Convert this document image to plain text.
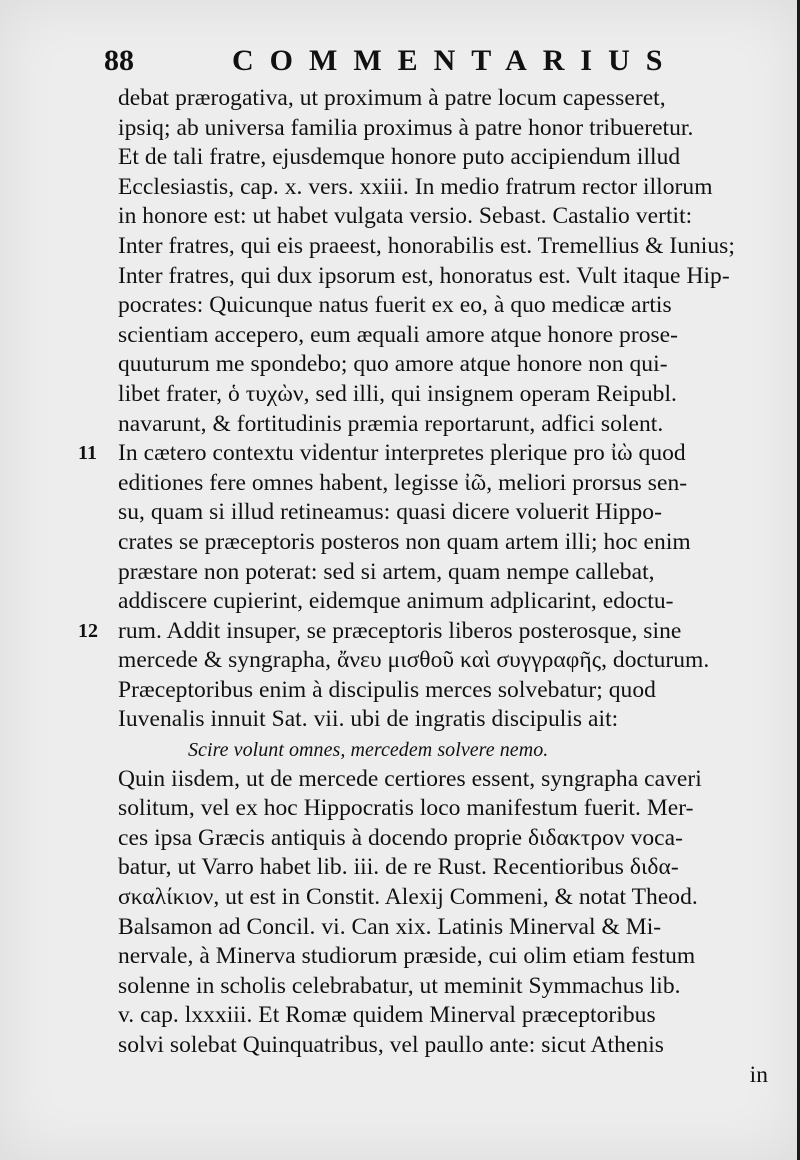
88	COMMENTARIUS
debat prærogativa, ut proximum à patre locum capesseret,
ipsiq; ab universa familia proximus à patre honor tribueretur.
Et de tali fratre, ejusdemque honore puto accipiendum illud
Ecclesiastis, cap. x. vers. xxiii. In medio fratrum rector illorum
in honore est: ut habet vulgata versio. Sebast. Castalio vertit:
Inter fratres, qui eis praeest, honorabilis est. Tremellius & Iunius;
Inter fratres, qui dux ipsorum est, honoratus est. Vult itaque Hip-
pocrates: Quicunque natus fuerit ex eo, à quo medicæ artis
scientiam accepero, eum æquali amore atque honore prose-
quuturum me spondebo; quo amore atque honore non qui-
libet frater, ὁ τυχὼν, sed illi, qui insignem operam Reipubl.
navarunt, & fortitudinis præmia reportarunt, adfici solent.
11 In cætero contextu videntur interpretes plerique pro ἰὼ quod
editiones fere omnes habent, legisse ἰῶ, meliori prorsus sen-
su, quam si illud retineamus: quasi dicere voluerit Hippo-
crates se præceptoris posteros non quam artem illi; hoc enim
præstare non poterat: sed si artem, quam nempe callebat,
addiscere cupierint, eidemque animum adplicarint, edoctu-
12 rum. Addit insuper, se præceptoris liberos posterosque, sine
mercede & syngrapha, ἄνευ μισθοῦ καὶ συγγραφῆς, docturum.
Præceptoribus enim à discipulis merces solvebatur; quod
Iuvenalis innuit Sat. vii. ubi de ingratis discipulis ait:
Scire volunt omnes, mercedem solvere nemo.
Quin iisdem, ut de mercede certiores essent, syngrapha caveri
solitum, vel ex hoc Hippocratis loco manifestum fuerit. Mer-
ces ipsa Græcis antiquis à docendo proprie διδακτρον voca-
batur, ut Varro habet lib. iii. de re Rust. Recentioribus διδα-
σκαλίκιον, ut est in Constit. Alexij Commeni, & notat Theod.
Balsamon ad Concil. vi. Can xix. Latinis Minerval & Mi-
nervale, à Minerva studiorum præside, cui olim etiam festum
solenne in scholis celebrabatur, ut meminit Symmachus lib.
v. cap. lxxxiii. Et Romæ quidem Minerval præceptoribus
solvi solebat Quinquatribus, vel paullo ante: sicut Athenis
in
